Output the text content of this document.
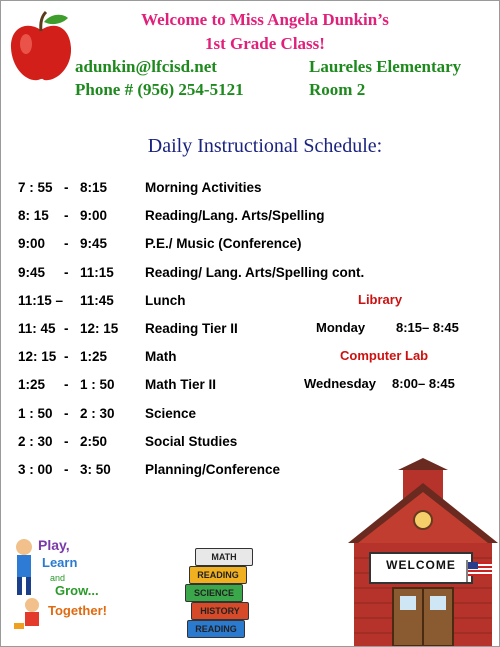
Welcome to Miss Angela Dunkin’s
1st Grade Class!
adunkin@lfcisd.net
Phone # (956) 254-5121
Laureles Elementary
Room 2
Daily Instructional Schedule:
7 : 55 - 8:15	Morning Activities
8: 15 - 9:00	Reading/Lang. Arts/Spelling
9:00 - 9:45	P.E./ Music (Conference)
9:45 - 11:15 Reading/ Lang. Arts/Spelling cont.
11:15 – 11:45 Lunch
11: 45 - 12: 15 Reading Tier II
12: 15 - 1:25	Math
1:25 - 1 : 50 Math Tier II
1 : 50 - 2 : 30 Science
2 : 30 - 2:50	Social Studies
3 : 00 - 3: 50	Planning/Conference
Library
Monday 8:15– 8:45
Computer Lab
Wednesday 8:00– 8:45
Play,
Learn
and
Grow...
Together!
MATH
READING
SCIENCE
HISTORY
READING
WELCOME
